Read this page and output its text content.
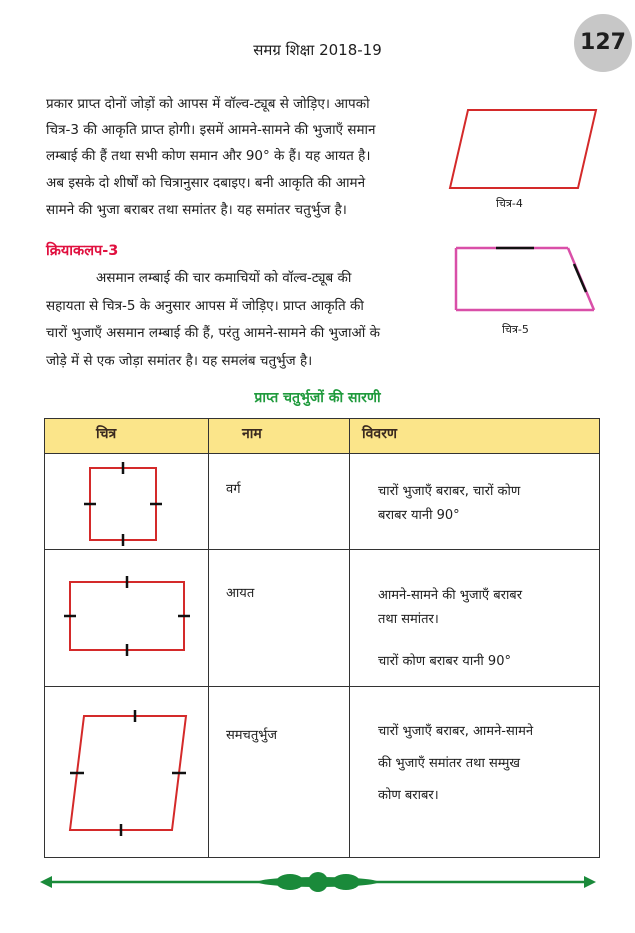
समग्र शिक्षा 2018-19	127
प्रकार प्राप्त दोनों जोड़ों को आपस में वॉल्व-ट्यूब से जोड़िए। आपको
चित्र-3 की आकृति प्राप्त होगी। इसमें आमने-सामने की भुजाएँ समान
लम्बाई की हैं तथा सभी कोण समान और 90° के हैं। यह आयत है।
अब इसके दो शीर्षों को चित्रानुसार दबाइए। बनी आकृति की आमने
सामने की भुजा बराबर तथा समांतर है। यह समांतर चतुर्भुज है।	चित्र-4
क्रियाकलप-3
असमान लम्बाई की चार कमाचियों को वॉल्व-ट्यूब की
सहायता से चित्र-5 के अनुसार आपस में जोड़िए। प्राप्त आकृति की
चारों भुजाएँ असमान लम्बाई की हैं, परंतु आमने-सामने की भुजाओं के
जोड़े में से एक जोड़ा समांतर है। यह समलंब चतुर्भुज है।
चित्र-5
प्राप्त चतुर्भुजों की सारणी
चित्र	नाम	विवरण
वर्ग	चारों भुजाएँ बराबर, चारों कोण
बराबर यानी 90°
आयत	आमने-सामने की भुजाएँ बराबर
तथा समांतर।
चारों कोण बराबर यानी 90°
समचतुर्भुज	चारों भुजाएँ बराबर, आमने-सामने
की भुजाएँ समांतर तथा सम्मुख
कोण बराबर।
